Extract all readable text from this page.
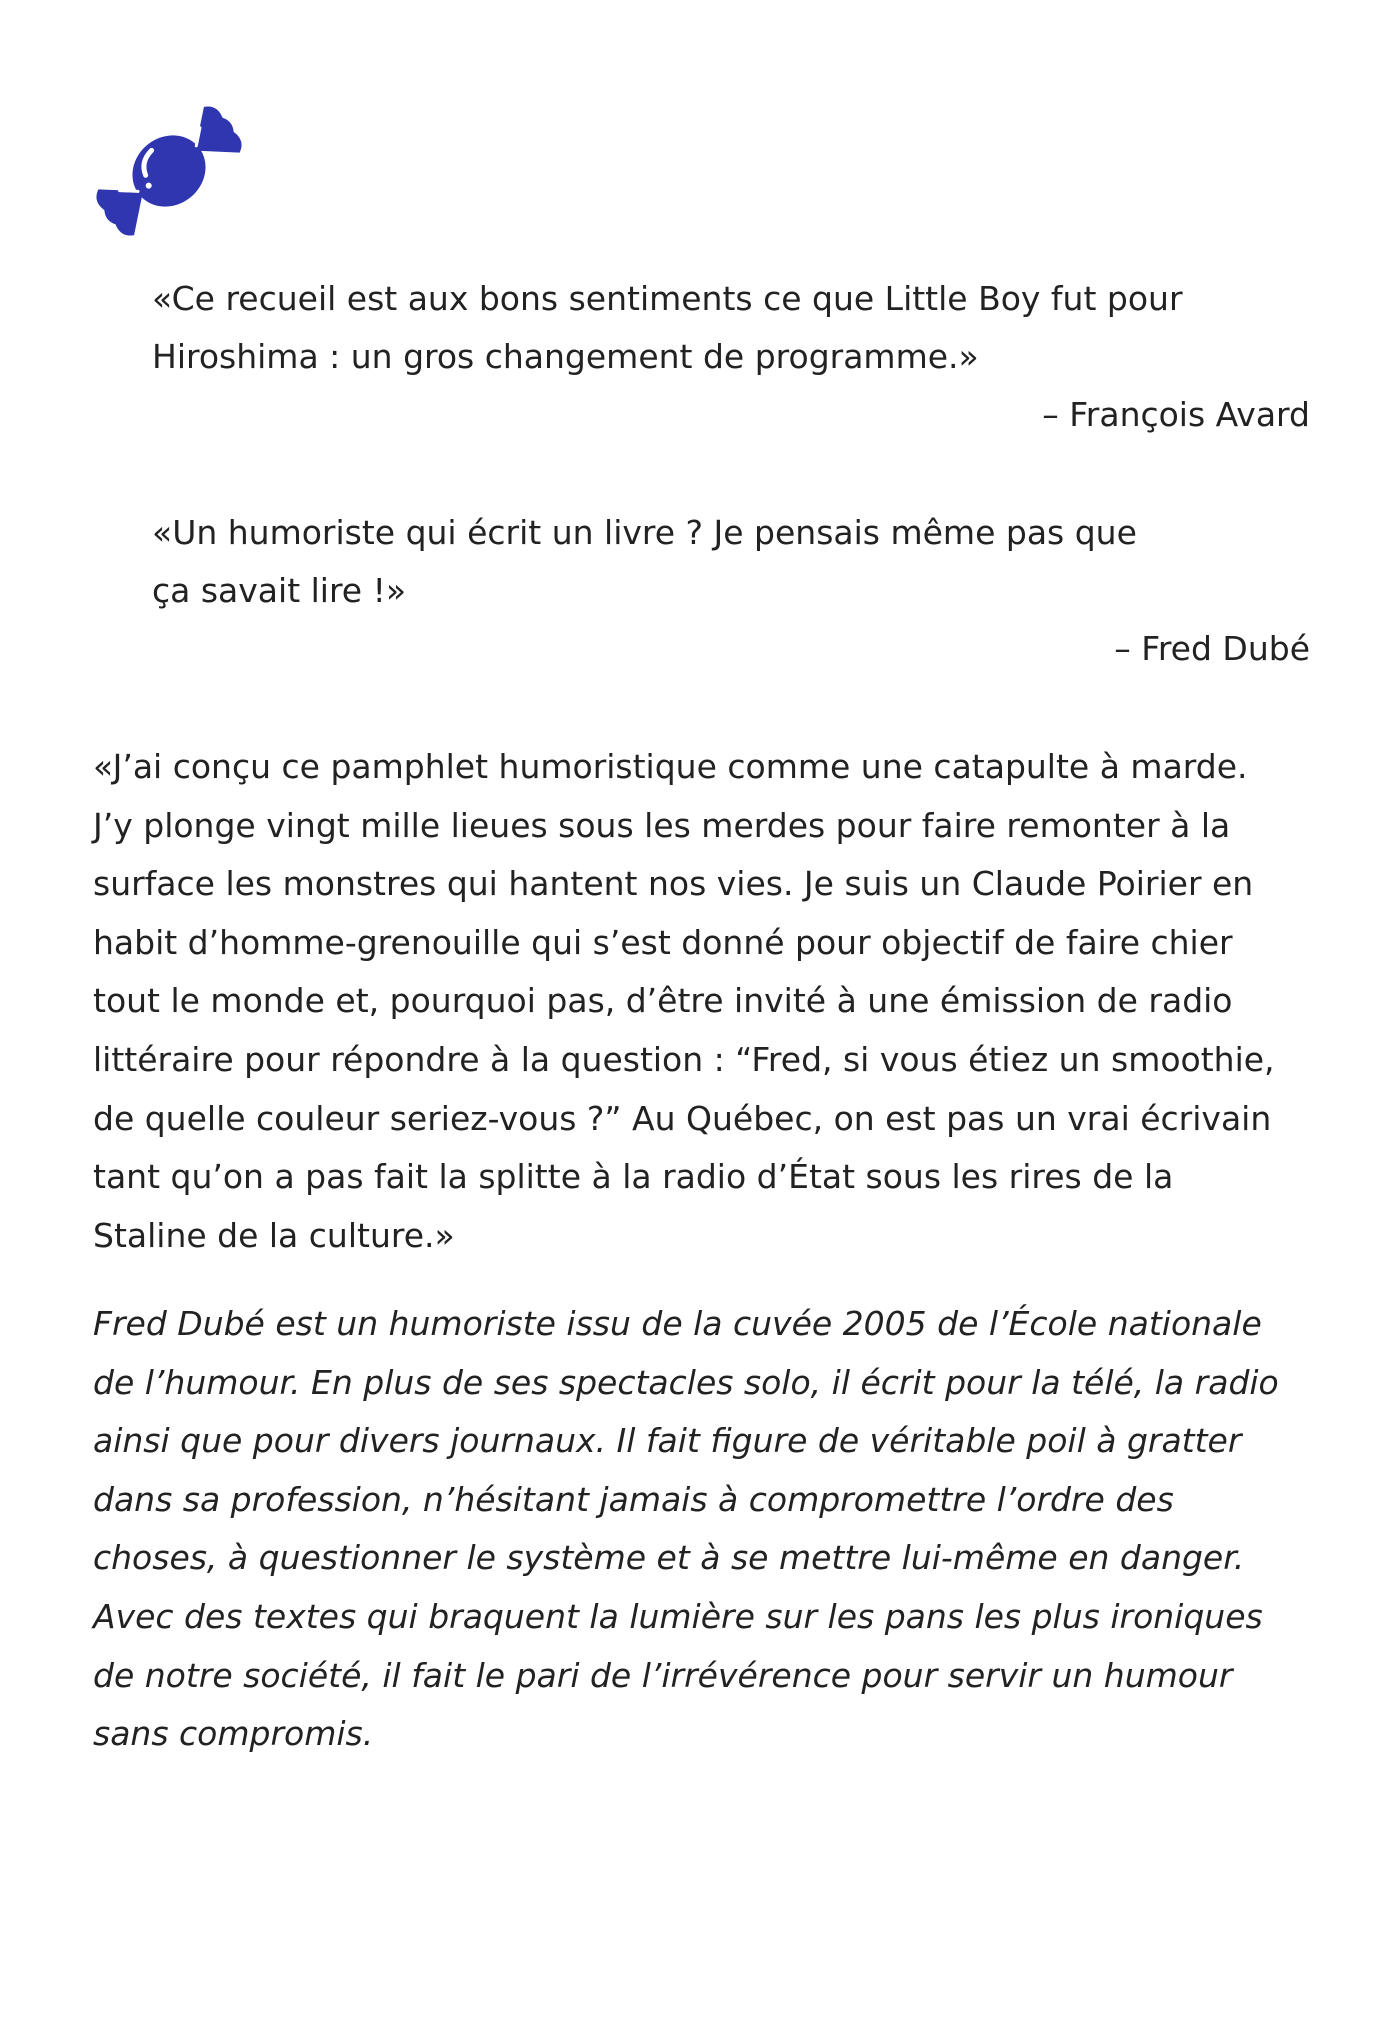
«Ce recueil est aux bons sentiments ce que Little Boy fut pour
Hiroshima : un gros changement de programme.»
– François Avard
«Un humoriste qui écrit un livre ? Je pensais même pas que
ça savait lire !»
– Fred Dubé
«J’ai conçu ce pamphlet humoristique comme une catapulte à marde.
J’y plonge vingt mille lieues sous les merdes pour faire remonter à la
surface les monstres qui hantent nos vies. Je suis un Claude Poirier en
habit d’homme-grenouille qui s’est donné pour objectif de faire chier
tout le monde et, pourquoi pas, d’être invité à une émission de radio
littéraire pour répondre à la question : “Fred, si vous étiez un smoothie,
de quelle couleur seriez-vous ?” Au Québec, on est pas un vrai écrivain
tant qu’on a pas fait la splitte à la radio d’État sous les rires de la
Staline de la culture.»
Fred Dubé est un humoriste issu de la cuvée 2005 de l’École nationale
de l’humour. En plus de ses spectacles solo, il écrit pour la télé, la radio
ainsi que pour divers journaux. Il fait figure de véritable poil à gratter
dans sa profession, n’hésitant jamais à compromettre l’ordre des
choses, à questionner le système et à se mettre lui-même en danger.
Avec des textes qui braquent la lumière sur les pans les plus ironiques
de notre société, il fait le pari de l’irrévérence pour servir un humour
sans compromis.
